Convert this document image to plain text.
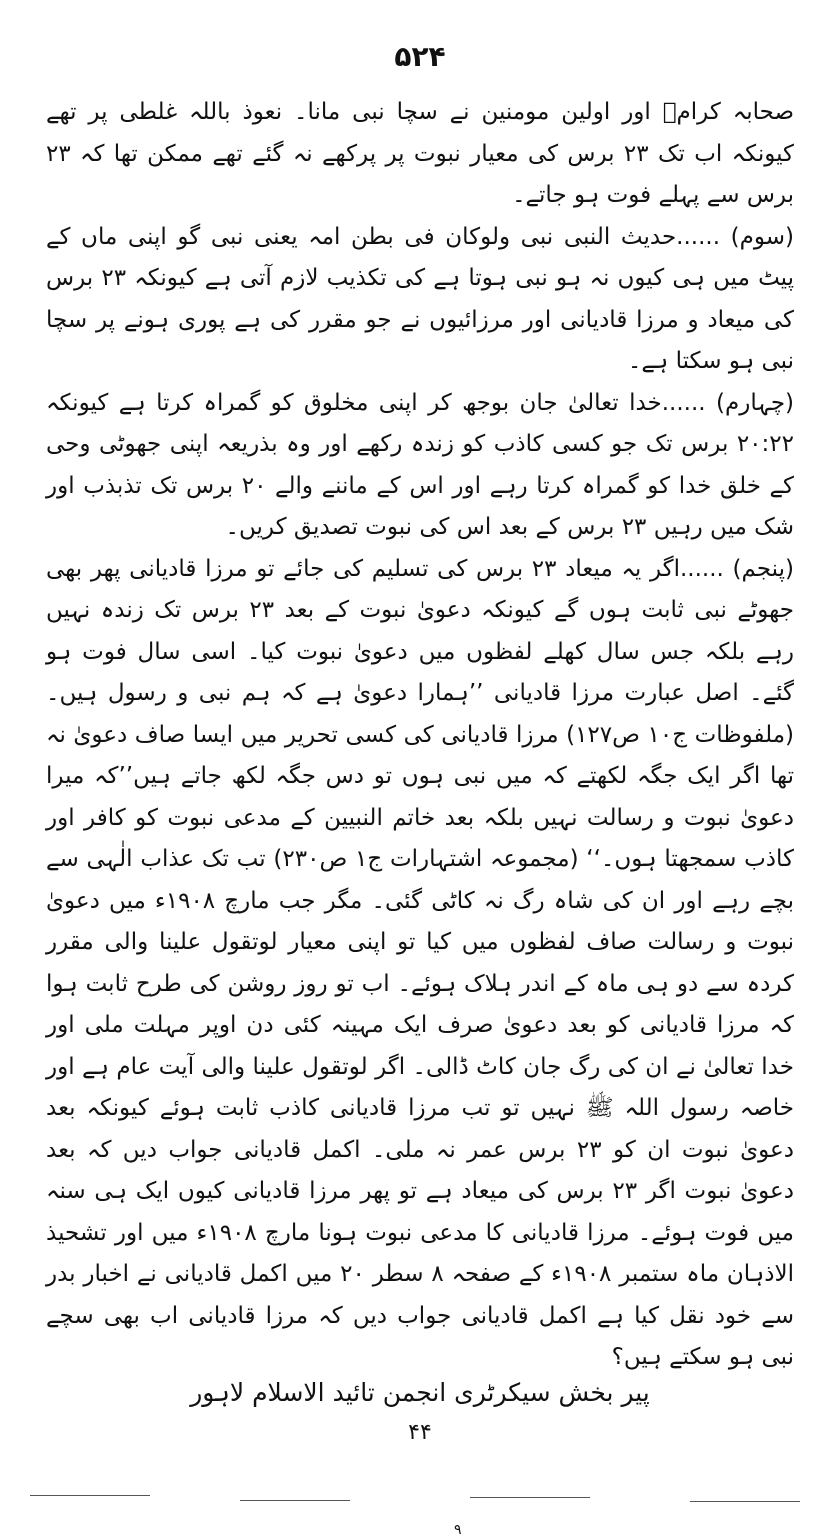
۵۲۴

صحابہ کرامؓ اور اولین مومنین نے سچا نبی مانا۔ نعوذ باللہ غلطی پر تھے کیونکہ اب تک ۲۳ برس کی معیار نبوت پر پرکھے نہ گئے تھے ممکن تھا کہ ۲۳ برس سے پہلے فوت ہو جاتے۔

(سوم) ......حدیث النبی نبی ولوکان فی بطن امہ یعنی نبی گو اپنی ماں کے پیٹ میں ہی کیوں نہ ہو نبی ہوتا ہے کی تکذیب لازم آتی ہے کیونکہ ۲۳ برس کی میعاد و مرزا قادیانی اور مرزائیوں نے جو مقرر کی ہے پوری ہونے پر سچا نبی ہو سکتا ہے۔

(چہارم) ......خدا تعالیٰ جان بوجھ کر اپنی مخلوق کو گمراہ کرتا ہے کیونکہ ۲۰:۲۲ برس تک جو کسی کاذب کو زندہ رکھے اور وہ بذریعہ اپنی جھوٹی وحی کے خلق خدا کو گمراہ کرتا رہے اور اس کے ماننے والے ۲۰ برس تک تذبذب اور شک میں رہیں ۲۳ برس کے بعد اس کی نبوت تصدیق کریں۔

(پنجم) ......اگر یہ میعاد ۲۳ برس کی تسلیم کی جائے تو مرزا قادیانی پھر بھی جھوٹے نبی ثابت ہوں گے کیونکہ دعویٰ نبوت کے بعد ۲۳ برس تک زندہ نہیں رہے بلکہ جس سال کھلے لفظوں میں دعویٰ نبوت کیا۔ اسی سال فوت ہو گئے۔ اصل عبارت مرزا قادیانی ’’ہمارا دعویٰ ہے کہ ہم نبی و رسول ہیں۔ (ملفوظات ج۱۰ ص۱۲۷) مرزا قادیانی کی کسی تحریر میں ایسا صاف دعویٰ نہ تھا اگر ایک جگہ لکھتے کہ میں نبی ہوں تو دس جگہ لکھ جاتے ہیں’’کہ میرا دعویٰ نبوت و رسالت نہیں بلکہ بعد خاتم النبیین کے مدعی نبوت کو کافر اور کاذب سمجھتا ہوں۔‘‘ (مجموعہ اشتہارات ج۱ ص۲۳۰) تب تک عذاب الٰہی سے بچے رہے اور ان کی شاہ رگ نہ کاٹی گئی۔ مگر جب مارچ ۱۹۰۸ء میں دعویٰ نبوت و رسالت صاف لفظوں میں کیا تو اپنی معیار لوتقول علینا والی مقرر کردہ سے دو ہی ماہ کے اندر ہلاک ہوئے۔ اب تو روز روشن کی طرح ثابت ہوا کہ مرزا قادیانی کو بعد دعویٰ صرف ایک مہینہ کئی دن اوپر مہلت ملی اور خدا تعالیٰ نے ان کی رگ جان کاٹ ڈالی۔ اگر لوتقول علینا والی آیت عام ہے اور خاصہ رسول اللہ ﷺ نہیں تو تب مرزا قادیانی کاذب ثابت ہوئے کیونکہ بعد دعویٰ نبوت ان کو ۲۳ برس عمر نہ ملی۔ اکمل قادیانی جواب دیں کہ بعد دعویٰ نبوت اگر ۲۳ برس کی میعاد ہے تو پھر مرزا قادیانی کیوں ایک ہی سنہ میں فوت ہوئے۔ مرزا قادیانی کا مدعی نبوت ہونا مارچ ۱۹۰۸ء میں اور تشحیذ الاذہان ماہ ستمبر ۱۹۰۸ء کے صفحہ ۸ سطر ۲۰ میں اکمل قادیانی نے اخبار بدر سے خود نقل کیا ہے اکمل قادیانی جواب دیں کہ مرزا قادیانی اب بھی سچے نبی ہو سکتے ہیں؟

پیر بخش سیکرٹری انجمن تائید الاسلام لاہور
۴۴
۹
